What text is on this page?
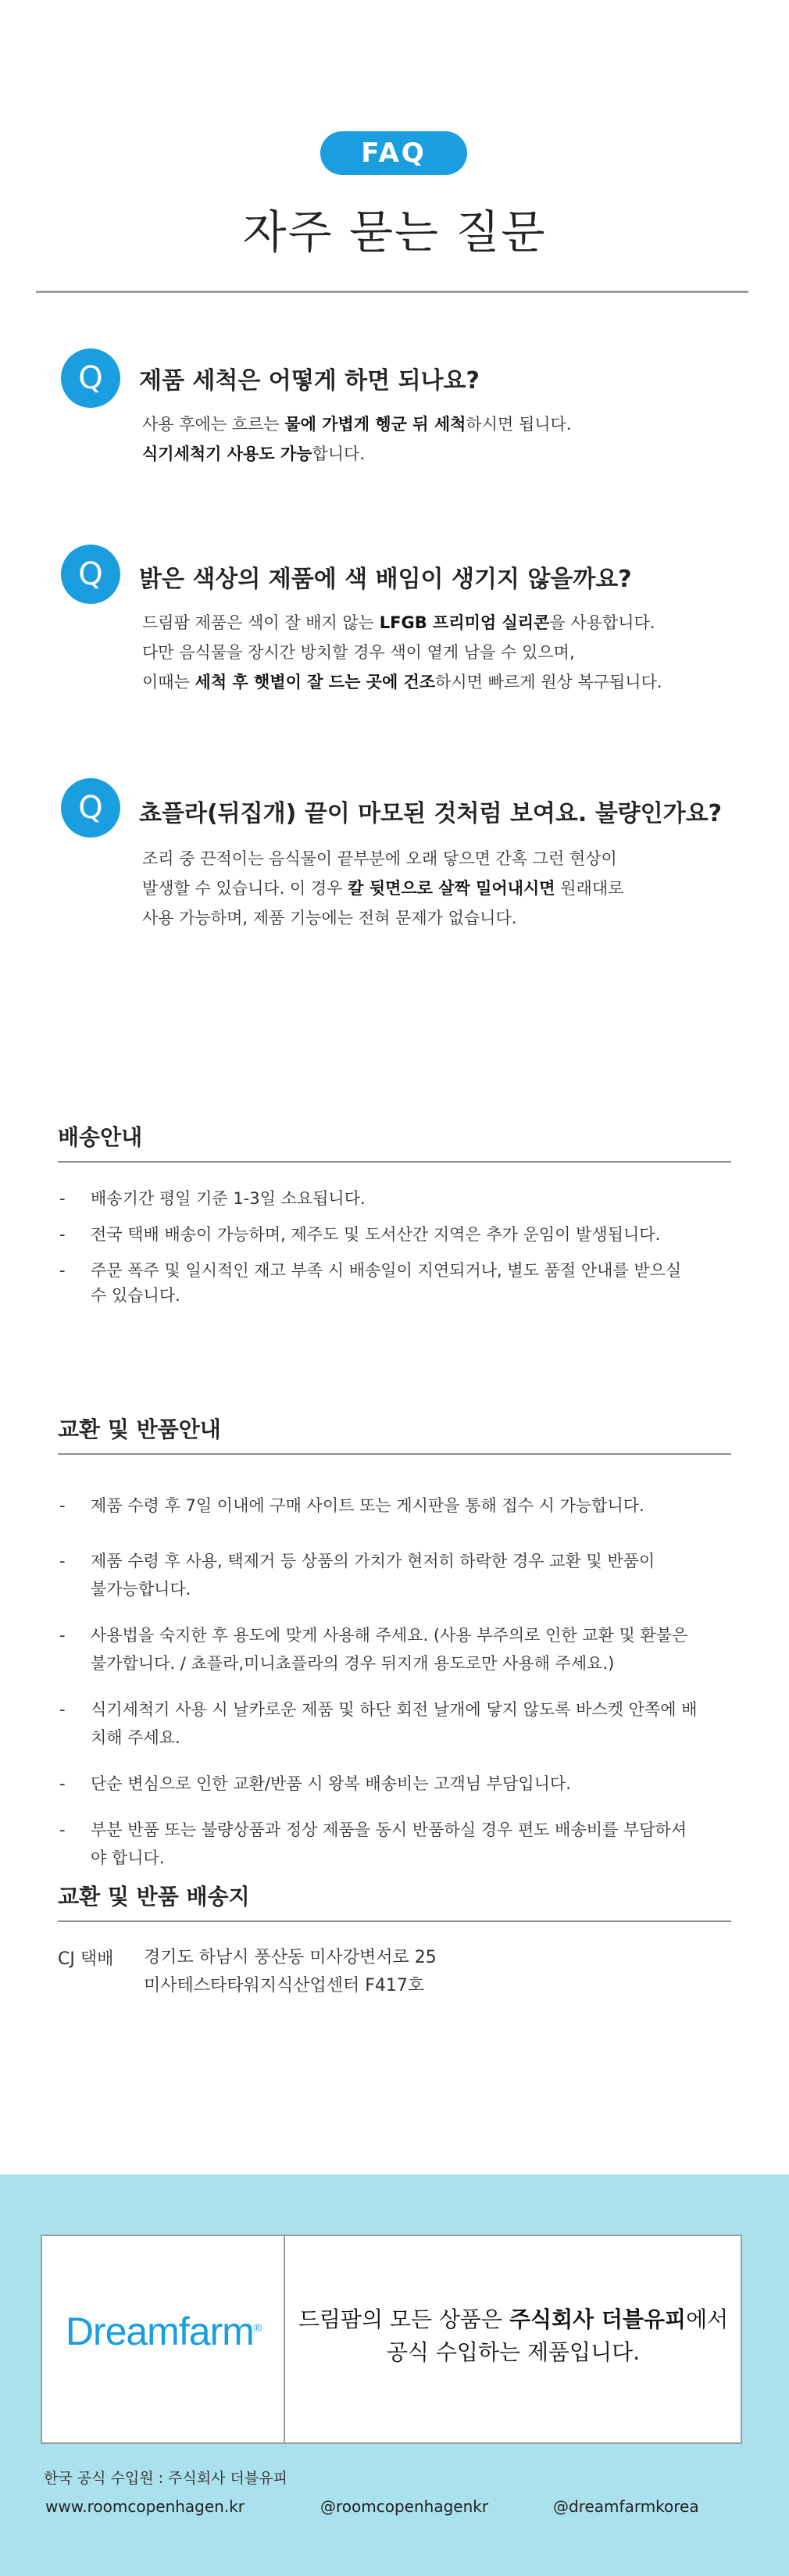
FAQ
자주 묻는 질문
Q	제품 세척은 어떻게 하면 되나요?
사용 후에는 흐르는 물에 가볍게 헹군 뒤 세척하시면 됩니다.
식기세척기 사용도 가능합니다.
Q	밝은 색상의 제품에 색 배임이 생기지 않을까요?
드림팜 제품은 색이 잘 배지 않는 LFGB 프리미엄 실리콘을 사용합니다.
다만 음식물을 장시간 방치할 경우 색이 옅게 남을 수 있으며,
이때는 세척 후 햇볕이 잘 드는 곳에 건조하시면 빠르게 원상 복구됩니다.
Q	쵸플라(뒤집개) 끝이 마모된 것처럼 보여요. 불량인가요?
조리 중 끈적이는 음식물이 끝부분에 오래 닿으면 간혹 그런 현상이
발생할 수 있습니다. 이 경우 칼 뒷면으로 살짝 밀어내시면 원래대로
사용 가능하며, 제품 기능에는 전혀 문제가 없습니다.
배송안내
- 배송기간 평일 기준 1-3일 소요됩니다.
- 전국 택배 배송이 가능하며, 제주도 및 도서산간 지역은 추가 운임이 발생됩니다.
- 주문 폭주 및 일시적인 재고 부족 시 배송일이 지연되거나, 별도 품절 안내를 받으실
수 있습니다.
교환 및 반품안내

- 제품 수령 후 7일 이내에 구매 사이트 또는 게시판을 통해 접수 시 가능합니다.

- 제품 수령 후 사용, 택제거 등 상품의 가치가 현저히 하락한 경우 교환 및 반품이
불가능합니다.

- 사용법을 숙지한 후 용도에 맞게 사용해 주세요. (사용 부주의로 인한 교환 및 환불은
불가합니다. / 쵸플라,미니쵸플라의 경우 뒤지개 용도로만 사용해 주세요.)

- 식기세척기 사용 시 날카로운 제품 및 하단 회전 날개에 닿지 않도록 바스켓 안쪽에 배
치해 주세요.

- 단순 변심으로 인한 교환/반품 시 왕복 배송비는 고객님 부담입니다.

- 부분 반품 또는 불량상품과 정상 제품을 동시 반품하실 경우 편도 배송비를 부담하셔
야 합니다.

교환 및 반품 배송지
CJ 택배 경기도 하남시 풍산동 미사강변서로 25
미사테스타타워지식산업센터 F417호
Dreamfarm®	드림팜의 모든 상품은 주식회사 더블유피에서
공식 수입하는 제품입니다.
한국 공식 수입원 : 주식회사 더블유피
www.roomcopenhagen.kr	@roomcopenhagenkr	@dreamfarmkorea
